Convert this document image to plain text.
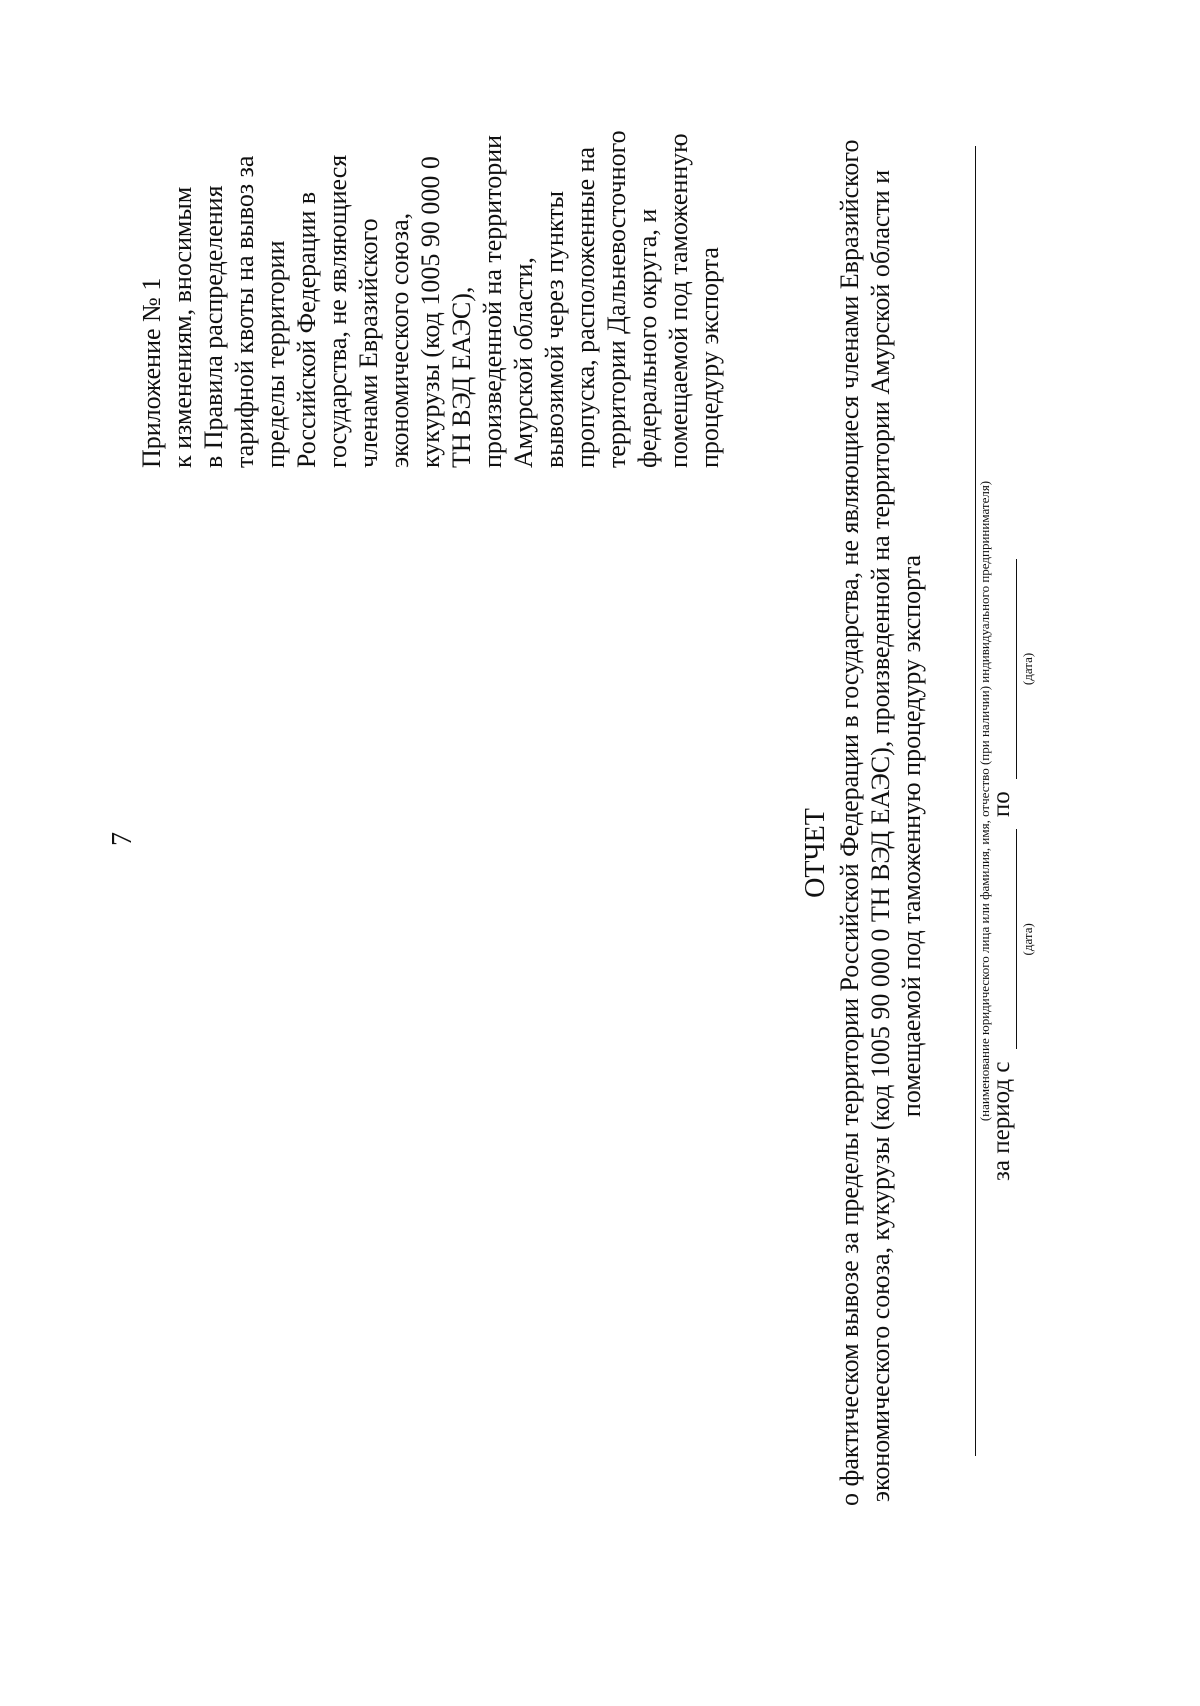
7
Приложение № 1 к изменениям, вносимым в Правила распределения тарифной квоты на вывоз за пределы территории Российской Федерации в государства, не являющиеся членами Евразийского экономического союза, кукурузы (код 1005 90 000 0 ТН ВЭД ЕАЭС), произведенной на территории Амурской области, вывозимой через пункты пропуска, расположенные на территории Дальневосточного федерального округа, и помещаемой под таможенную процедуру экспорта
ОТЧЕТ о фактическом вывозе за пределы территории Российской Федерации в государства, не являющиеся членами Евразийского экономического союза, кукурузы (код 1005 90 000 0 ТН ВЭД ЕАЭС), произведенной на территории Амурской области и помещаемой под таможенную процедуру экспорта	(наименование юридического лица или фамилия, имя, отчество (при наличии) индивидуального предпринимателя)
за период с
(дата)
по
(дата)
